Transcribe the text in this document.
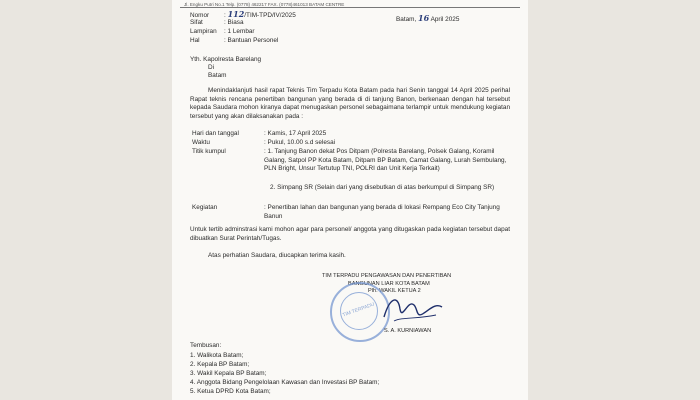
Jl. Engku Putri No.1 Telp. (0778) 462217 FAX. (0778)461013 BATAM CENTRE
Nomor : 112/TIM-TPD/IV/2025
Sifat	: Biasa
Lampiran : 1 Lembar
Hal	: Bantuan Personel
Batam, 16 April 2025
Yth. Kapolresta Barelang
Di
Batam
Menindaklanjuti hasil rapat Teknis Tim Terpadu Kota Batam pada hari Senin tanggal 14 April 2025 perihal Rapat teknis rencana penertiban bangunan yang berada di di tanjung Banon, berkenaan dengan hal tersebut kepada Saudara mohon kiranya dapat menugaskan personel sebagaimana terlampir untuk mendukung kegiatan tersebut yang akan dilaksanakan pada :
Hari dan tanggal	: Kamis, 17 April 2025
Waktu	: Pukul, 10.00 s.d selesai
Titik kumpul	: 1. Tanjung Banon dekat Pos Ditpam (Polresta Barelang, Polsek Galang, Koramil Galang, Satpol PP Kota Batam, Ditpam BP Batam, Camat Galang, Lurah Sembulang, PLN Bright, Unsur Tertutup TNI, POLRI dan Unit Kerja Terkait)
2. Simpang SR (Selain dari yang disebutkan di atas berkumpul di Simpang SR)
Kegiatan	: Penertiban lahan dan bangunan yang berada di lokasi Rempang Eco City Tanjung Banun
Untuk tertib adminstrasi kami mohon agar para personel/ anggota yang ditugaskan pada kegiatan tersebut dapat dibuatkan Surat Perintah/Tugas.
Atas perhatian Saudara, diucapkan terima kasih.
TIM TERPADU PENGAWASAN DAN PENERTIBAN
BANGUNAN LIAR KOTA BATAM
Plh. WAKIL KETUA 2
TIM TERPADU
S. A. KURNIAWAN
Tembusan:
1. Walikota Batam;
2. Kepala BP Batam;
3. Wakil Kepala BP Batam;
4. Anggota Bidang Pengelolaan Kawasan dan Investasi BP Batam;
5. Ketua DPRD Kota Batam;
